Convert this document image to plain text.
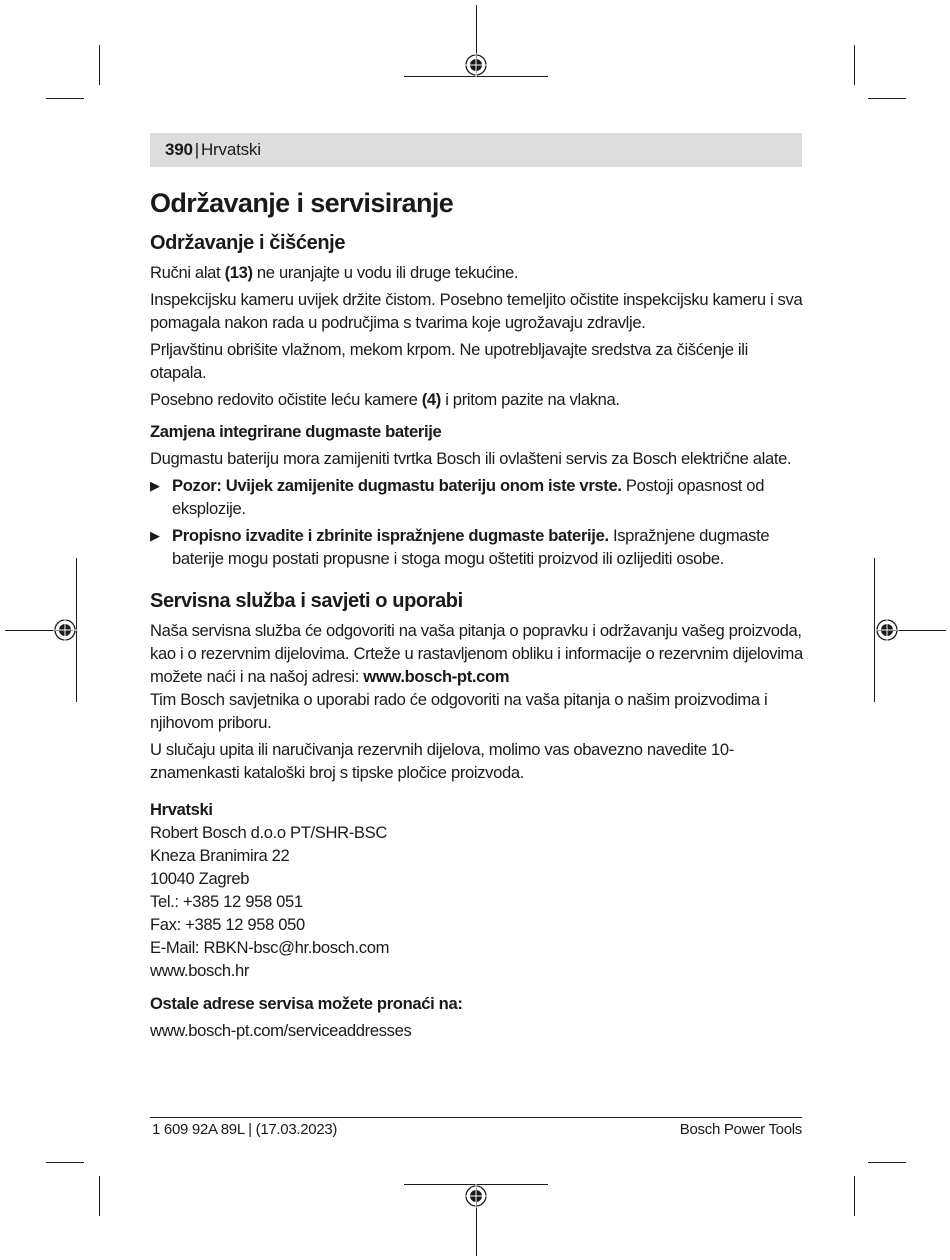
390 | Hrvatski
Održavanje i servisiranje
Održavanje i čišćenje

Ručni alat (13) ne uranjajte u vodu ili druge tekućine.

Inspekcijsku kameru uvijek držite čistom. Posebno temeljito očistite inspekcijsku kameru i sva pomagala nakon rada u područjima s tvarima koje ugrožavaju zdravlje.

Prljavštinu obrišite vlažnom, mekom krpom. Ne upotrebljavajte sredstva za čišćenje ili otapala.

Posebno redovito očistite leću kamere (4) i pritom pazite na vlakna.

Zamjena integrirane dugmaste baterije

Dugmastu bateriju mora zamijeniti tvrtka Bosch ili ovlašteni servis za Bosch električne alate.

▶ Pozor: Uvijek zamijenite dugmastu bateriju onom iste vrste. Postoji opasnost od eksplozije.
▶ Propisno izvadite i zbrinite ispražnjene dugmaste baterije. Ispražnjene dugmaste baterije mogu postati propusne i stoga mogu oštetiti proizvod ili ozlijediti osobe.
Servisna služba i savjeti o uporabi

Naša servisna služba će odgovoriti na vaša pitanja o popravku i održavanju vašeg proizvoda, kao i o rezervnim dijelovima. Crteže u rastavljenom obliku i informacije o rezervnim dijelovima možete naći i na našoj adresi: www.bosch-pt.com

Tim Bosch savjetnika o uporabi rado će odgovoriti na vaša pitanja o našim proizvodima i njihovom priboru.

U slučaju upita ili naručivanja rezervnih dijelova, molimo vas obavezno navedite 10-znamenkasti kataloški broj s tipske pločice proizvoda.

Hrvatski
Robert Bosch d.o.o PT/SHR-BSC
Kneza Branimira 22
10040 Zagreb
Tel.: +385 12 958 051
Fax: +385 12 958 050
E-Mail: RBKN-bsc@hr.bosch.com
www.bosch.hr
Ostale adrese servisa možete pronaći na:
www.bosch-pt.com/serviceaddresses
1 609 92A 89L | (17.03.2023)	Bosch Power Tools
